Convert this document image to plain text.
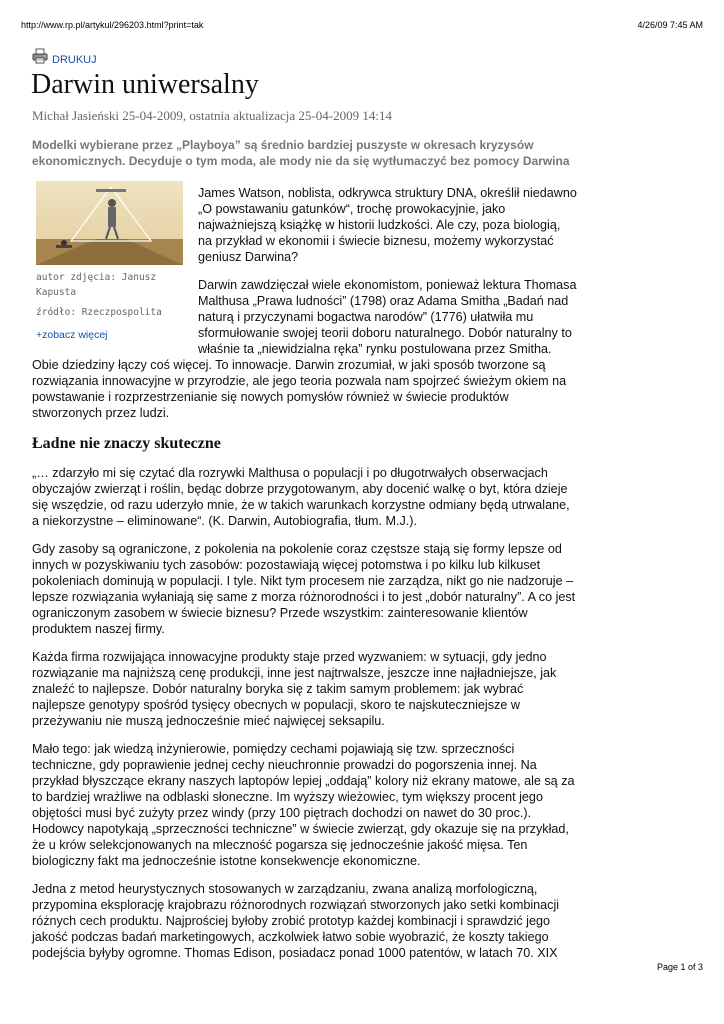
http://www.rp.pl/artykul/296203.html?print=tak	4/26/09 7:45 AM
DRUKUJ
Darwin uniwersalny
Michał Jasieński 25-04-2009, ostatnia aktualizacja 25-04-2009 14:14
Modelki wybierane przez „Playboya” są średnio bardziej puszyste w okresach kryzysów ekonomicznych. Decyduje o tym moda, ale mody nie da się wytłumaczyć bez pomocy Darwina
autor zdjęcia: Janusz Kapusta
źródło: Rzeczpospolita
+zobacz więcej

James Watson, noblista, odkrywca struktury DNA, określił niedawno „O powstawaniu gatunków“, trochę prowokacyjnie, jako najważniejszą książkę w historii ludzkości. Ale czy, poza biologią, na przykład w ekonomii i świecie biznesu, możemy wykorzystać geniusz Darwina?

Darwin zawdzięczał wiele ekonomistom, ponieważ lektura Thomasa Malthusa „Prawa ludności” (1798) oraz Adama Smitha „Badań nad naturą i przyczynami bogactwa narodów” (1776) ułatwiła mu sformułowanie swojej teorii doboru naturalnego. Dobór naturalny to właśnie ta „niewidzialna ręka” rynku postulowana przez Smitha. Obie dziedziny łączy coś więcej. To innowacje. Darwin zrozumiał, w jaki sposób tworzone są rozwiązania innowacyjne w przyrodzie, ale jego teoria pozwala nam spojrzeć świeżym okiem na powstawanie i rozprzestrzenianie się nowych pomysłów również w świecie produktów stworzonych przez ludzi.

Ładne nie znaczy skuteczne

„… zdarzyło mi się czytać dla rozrywki Malthusa o populacji i po długotrwałych obserwacjach obyczajów zwierząt i roślin, będąc dobrze przygotowanym, aby docenić walkę o byt, która dzieje się wszędzie, od razu uderzyło mnie, że w takich warunkach korzystne odmiany będą utrwalane, a niekorzystne – eliminowane“. (K. Darwin, Autobiografia, tłum. M.J.).

Gdy zasoby są ograniczone, z pokolenia na pokolenie coraz częstsze stają się formy lepsze od innych w pozyskiwaniu tych zasobów: pozostawiają więcej potomstwa i po kilku lub kilkuset pokoleniach dominują w populacji. I tyle. Nikt tym procesem nie zarządza, nikt go nie nadzoruje – lepsze rozwiązania wyłaniają się same z morza różnorodności i to jest „dobór naturalny”. A co jest ograniczonym zasobem w świecie biznesu? Przede wszystkim: zainteresowanie klientów produktem naszej firmy.

Każda firma rozwijająca innowacyjne produkty staje przed wyzwaniem: w sytuacji, gdy jedno rozwiązanie ma najniższą cenę produkcji, inne jest najtrwalsze, jeszcze inne najładniejsze, jak znaleźć to najlepsze. Dobór naturalny boryka się z takim samym problemem: jak wybrać najlepsze genotypy spośród tysięcy obecnych w populacji, skoro te najskuteczniejsze w przeżywaniu nie muszą jednocześnie mieć najwięcej seksapilu.

Mało tego: jak wiedzą inżynierowie, pomiędzy cechami pojawiają się tzw. sprzeczności techniczne, gdy poprawienie jednej cechy nieuchronnie prowadzi do pogorszenia innej. Na przykład błyszczące ekrany naszych laptopów lepiej „oddają” kolory niż ekrany matowe, ale są za to bardziej wrażliwe na odblaski słoneczne. Im wyższy wieżowiec, tym większy procent jego objętości musi być zużyty przez windy (przy 100 piętrach dochodzi on nawet do 30 proc.). Hodowcy napotykają „sprzeczności techniczne” w świecie zwierząt, gdy okazuje się na przykład, że u krów selekcjonowanych na mleczność pogarsza się jednocześnie jakość mięsa. Ten biologiczny fakt ma jednocześnie istotne konsekwencje ekonomiczne.

Jedna z metod heurystycznych stosowanych w zarządzaniu, zwana analizą morfologiczną, przypomina eksplorację krajobrazu różnorodnych rozwiązań stworzonych jako setki kombinacji różnych cech produktu. Najprościej byłoby zrobić prototyp każdej kombinacji i sprawdzić jego jakość podczas badań marketingowych, aczkolwiek łatwo sobie wyobrazić, że koszty takiego podejścia byłyby ogromne. Thomas Edison, posiadacz ponad 1000 patentów, w latach 70. XIX

Page 1 of 3
